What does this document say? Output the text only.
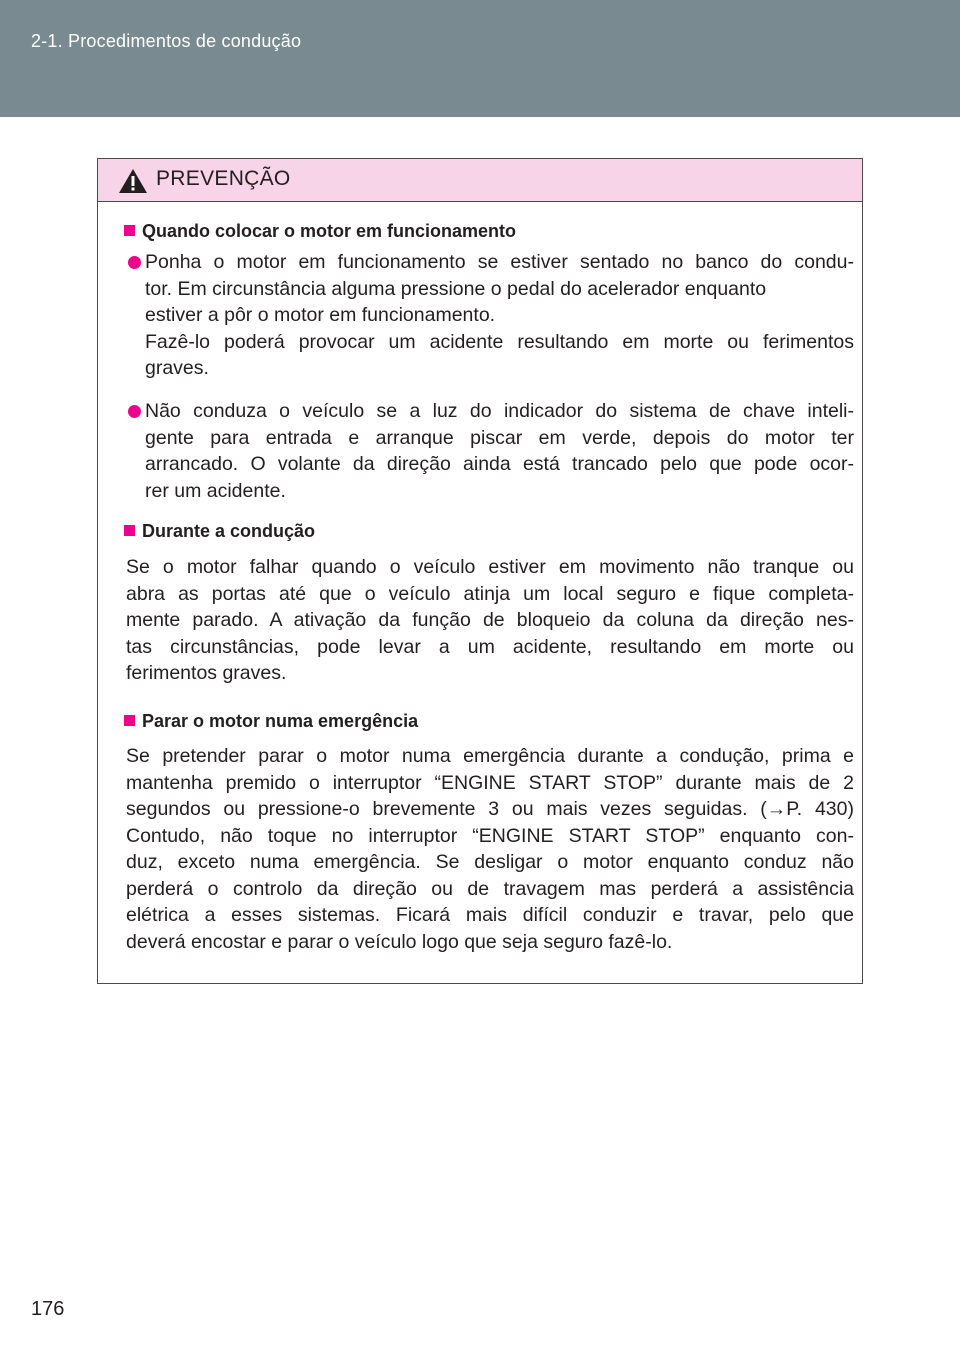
2-1. Procedimentos de condução
PREVENÇÃO
Quando colocar o motor em funcionamento
Ponha o motor em funcionamento se estiver sentado no banco do condu-
tor. Em circunstância alguma pressione o pedal do acelerador enquanto
estiver a pôr o motor em funcionamento.
Fazê-lo poderá provocar um acidente resultando em morte ou ferimentos
graves.
Não conduza o veículo se a luz do indicador do sistema de chave inteli-
gente para entrada e arranque piscar em verde, depois do motor ter
arrancado. O volante da direção ainda está trancado pelo que pode ocor-
rer um acidente.
Durante a condução
Se o motor falhar quando o veículo estiver em movimento não tranque ou
abra as portas até que o veículo atinja um local seguro e fique completa-
mente parado. A ativação da função de bloqueio da coluna da direção nes-
tas circunstâncias, pode levar a um acidente, resultando em morte ou
ferimentos graves.
Parar o motor numa emergência
Se pretender parar o motor numa emergência durante a condução, prima e
mantenha premido o interruptor “ENGINE START STOP” durante mais de 2
segundos ou pressione-o brevemente 3 ou mais vezes seguidas. (→P. 430)
Contudo, não toque no interruptor “ENGINE START STOP” enquanto con-
duz, exceto numa emergência. Se desligar o motor enquanto conduz não
perderá o controlo da direção ou de travagem mas perderá a assistência
elétrica a esses sistemas. Ficará mais difícil conduzir e travar, pelo que
deverá encostar e parar o veículo logo que seja seguro fazê-lo.
176
